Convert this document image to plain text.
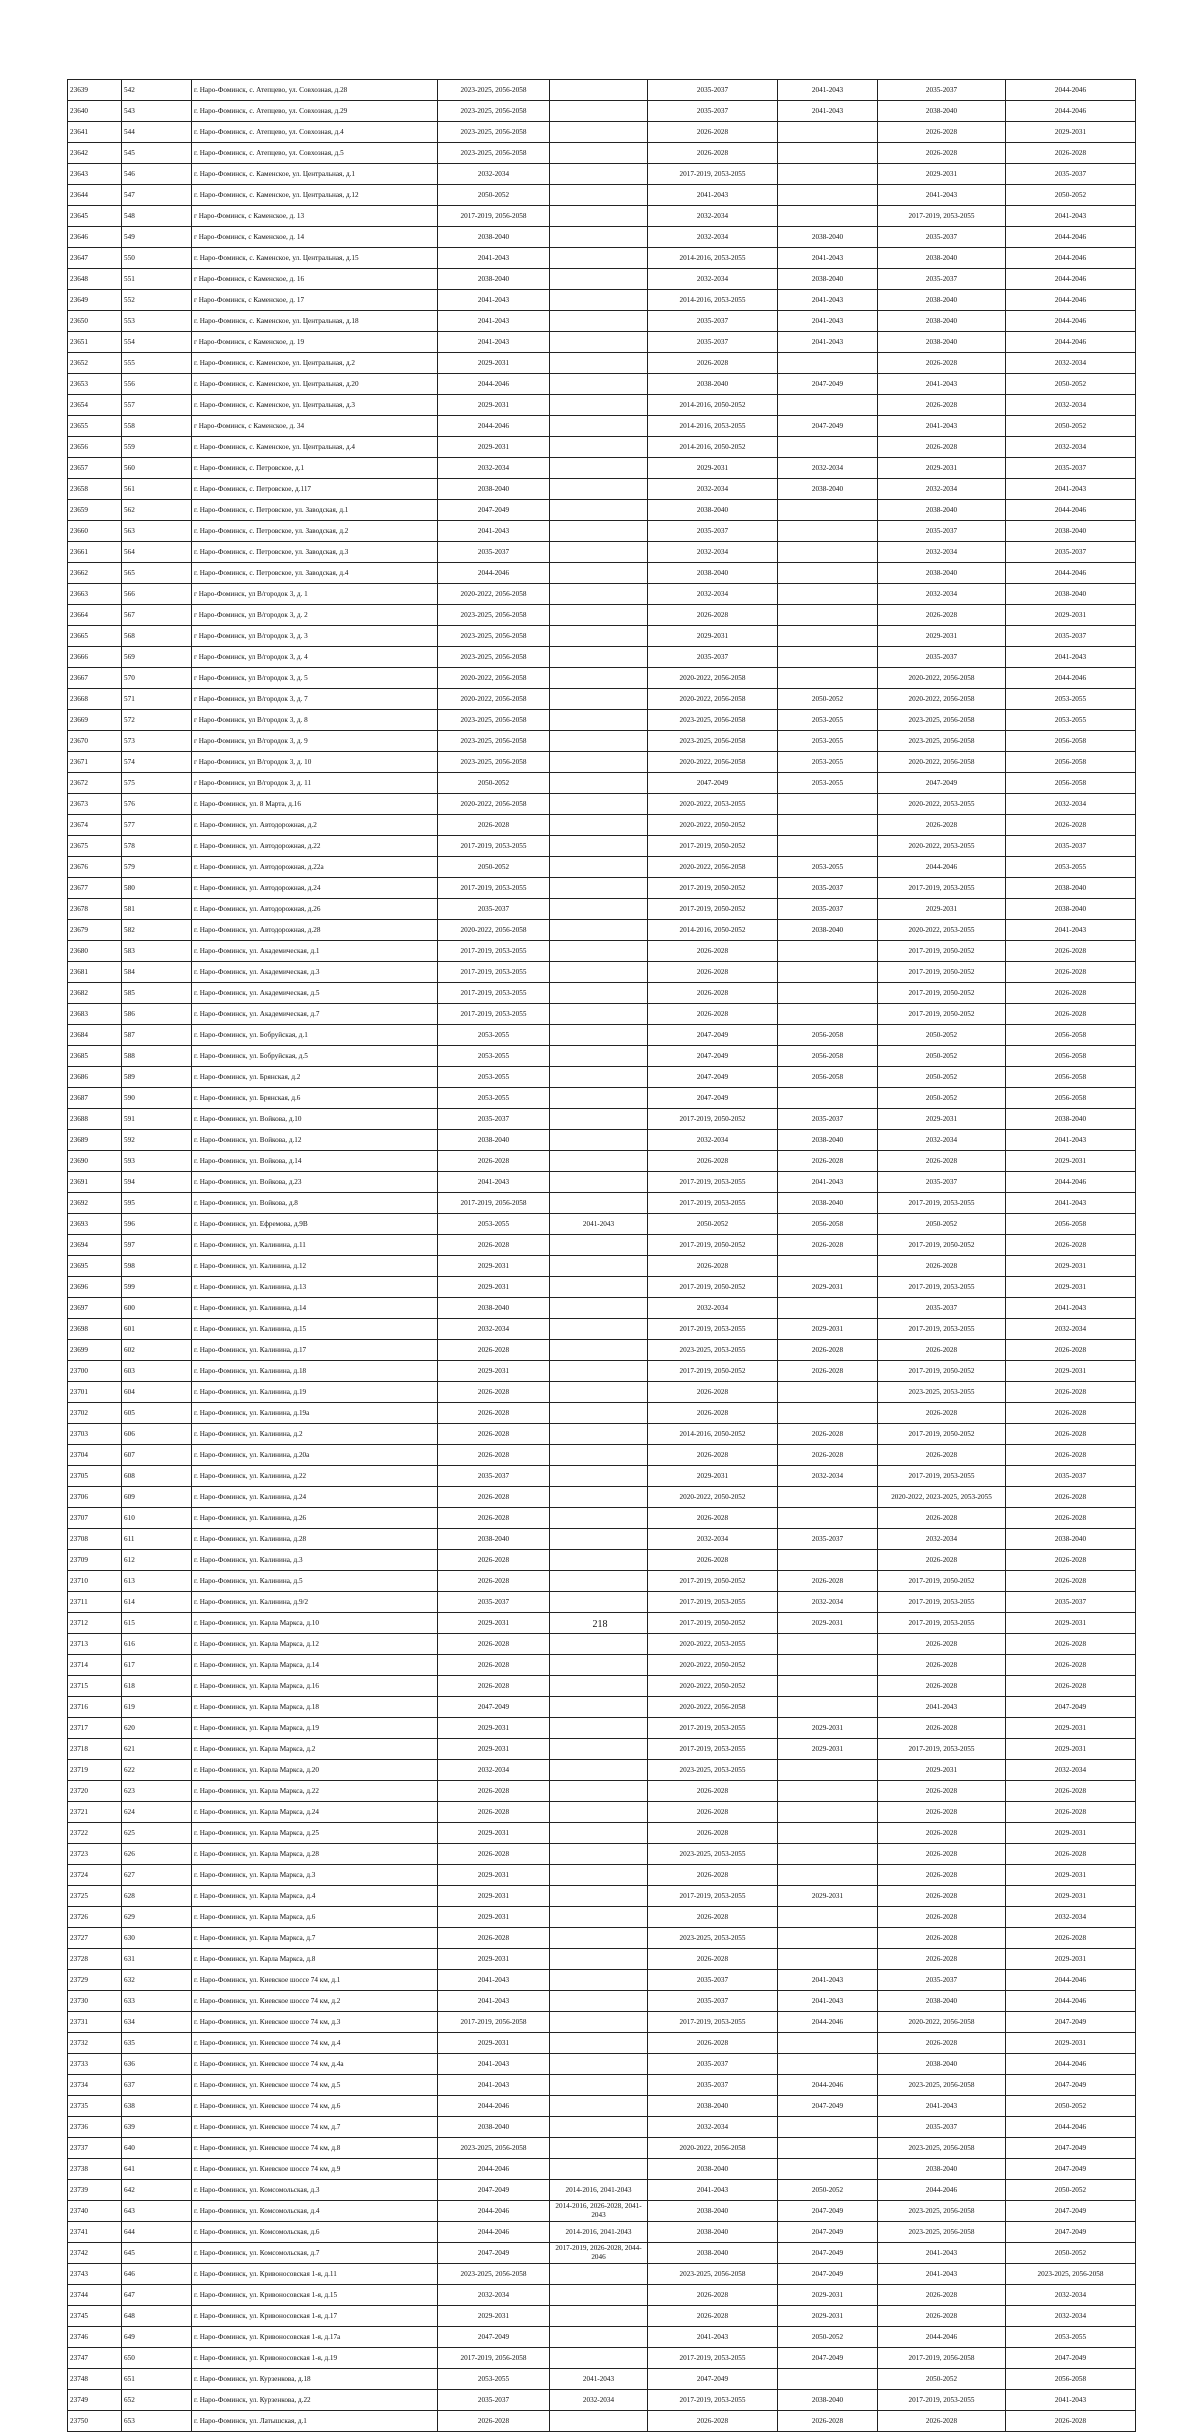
23639	542	г. Наро-Фоминск, с. Атепцево, ул. Совхозная, д.28	2023-2025, 2056-2058		2035-2037	2041-2043	2035-2037	2044-2046
23640	543	г. Наро-Фоминск, с. Атепцево, ул. Совхозная, д.29	2023-2025, 2056-2058		2035-2037	2041-2043	2038-2040	2044-2046
23641	544	г. Наро-Фоминск, с. Атепцево, ул. Совхозная, д.4	2023-2025, 2056-2058		2026-2028		2026-2028	2029-2031
23642	545	г. Наро-Фоминск, с. Атепцево, ул. Совхозная, д.5	2023-2025, 2056-2058		2026-2028		2026-2028	2026-2028
23643	546	г. Наро-Фоминск, с. Каменское, ул. Центральная, д.1	2032-2034		2017-2019, 2053-2055		2029-2031	2035-2037
23644	547	г. Наро-Фоминск, с. Каменское, ул. Центральная, д.12	2050-2052		2041-2043		2041-2043	2050-2052
23645	548	г Наро-Фоминск, с Каменское, д. 13	2017-2019, 2056-2058		2032-2034		2017-2019, 2053-2055	2041-2043
23646	549	г Наро-Фоминск, с Каменское, д. 14	2038-2040		2032-2034	2038-2040	2035-2037	2044-2046
23647	550	г. Наро-Фоминск, с. Каменское, ул. Центральная, д.15	2041-2043		2014-2016, 2053-2055	2041-2043	2038-2040	2044-2046
23648	551	г Наро-Фоминск, с Каменское, д. 16	2038-2040		2032-2034	2038-2040	2035-2037	2044-2046
23649	552	г Наро-Фоминск, с Каменское, д. 17	2041-2043		2014-2016, 2053-2055	2041-2043	2038-2040	2044-2046
23650	553	г. Наро-Фоминск, с. Каменское, ул. Центральная, д.18	2041-2043		2035-2037	2041-2043	2038-2040	2044-2046
23651	554	г Наро-Фоминск, с Каменское, д. 19	2041-2043		2035-2037	2041-2043	2038-2040	2044-2046
23652	555	г. Наро-Фоминск, с. Каменское, ул. Центральная, д.2	2029-2031		2026-2028		2026-2028	2032-2034
23653	556	г. Наро-Фоминск, с. Каменское, ул. Центральная, д.20	2044-2046		2038-2040	2047-2049	2041-2043	2050-2052
23654	557	г. Наро-Фоминск, с. Каменское, ул. Центральная, д.3	2029-2031		2014-2016, 2050-2052		2026-2028	2032-2034
23655	558	г Наро-Фоминск, с Каменское, д. 34	2044-2046		2014-2016, 2053-2055	2047-2049	2041-2043	2050-2052
23656	559	г. Наро-Фоминск, с. Каменское, ул. Центральная, д.4	2029-2031		2014-2016, 2050-2052		2026-2028	2032-2034
23657	560	г. Наро-Фоминск, с. Петровское, д.1	2032-2034		2029-2031	2032-2034	2029-2031	2035-2037
23658	561	г. Наро-Фоминск, с. Петровское, д.117	2038-2040		2032-2034	2038-2040	2032-2034	2041-2043
23659	562	г. Наро-Фоминск, с. Петровское, ул. Заводская, д.1	2047-2049		2038-2040		2038-2040	2044-2046
23660	563	г. Наро-Фоминск, с. Петровское, ул. Заводская, д.2	2041-2043		2035-2037		2035-2037	2038-2040
23661	564	г. Наро-Фоминск, с. Петровское, ул. Заводская, д.3	2035-2037		2032-2034		2032-2034	2035-2037
23662	565	г. Наро-Фоминск, с. Петровское, ул. Заводская, д.4	2044-2046		2038-2040		2038-2040	2044-2046
23663	566	г Наро-Фоминск, ул В/городок 3, д. 1	2020-2022, 2056-2058		2032-2034		2032-2034	2038-2040
23664	567	г Наро-Фоминск, ул В/городок 3, д. 2	2023-2025, 2056-2058		2026-2028		2026-2028	2029-2031
23665	568	г Наро-Фоминск, ул В/городок 3, д. 3	2023-2025, 2056-2058		2029-2031		2029-2031	2035-2037
23666	569	г Наро-Фоминск, ул В/городок 3, д. 4	2023-2025, 2056-2058		2035-2037		2035-2037	2041-2043
23667	570	г Наро-Фоминск, ул В/городок 3, д. 5	2020-2022, 2056-2058		2020-2022, 2056-2058		2020-2022, 2056-2058	2044-2046
23668	571	г Наро-Фоминск, ул В/городок 3, д. 7	2020-2022, 2056-2058		2020-2022, 2056-2058	2050-2052	2020-2022, 2056-2058	2053-2055
23669	572	г Наро-Фоминск, ул В/городок 3, д. 8	2023-2025, 2056-2058		2023-2025, 2056-2058	2053-2055	2023-2025, 2056-2058	2053-2055
23670	573	г Наро-Фоминск, ул В/городок 3, д. 9	2023-2025, 2056-2058		2023-2025, 2056-2058	2053-2055	2023-2025, 2056-2058	2056-2058
23671	574	г Наро-Фоминск, ул В/городок 3, д. 10	2023-2025, 2056-2058		2020-2022, 2056-2058	2053-2055	2020-2022, 2056-2058	2056-2058
23672	575	г Наро-Фоминск, ул В/городок 3, д. 11	2050-2052		2047-2049	2053-2055	2047-2049	2056-2058
23673	576	г. Наро-Фоминск, ул. 8 Марта, д.16	2020-2022, 2056-2058		2020-2022, 2053-2055		2020-2022, 2053-2055	2032-2034
23674	577	г. Наро-Фоминск, ул. Автодорожная, д.2	2026-2028		2020-2022, 2050-2052		2026-2028	2026-2028
23675	578	г. Наро-Фоминск, ул. Автодорожная, д.22	2017-2019, 2053-2055		2017-2019, 2050-2052		2020-2022, 2053-2055	2035-2037
23676	579	г. Наро-Фоминск, ул. Автодорожная, д.22а	2050-2052		2020-2022, 2056-2058	2053-2055	2044-2046	2053-2055
23677	580	г. Наро-Фоминск, ул. Автодорожная, д.24	2017-2019, 2053-2055		2017-2019, 2050-2052	2035-2037	2017-2019, 2053-2055	2038-2040
23678	581	г. Наро-Фоминск, ул. Автодорожная, д.26	2035-2037		2017-2019, 2050-2052	2035-2037	2029-2031	2038-2040
23679	582	г. Наро-Фоминск, ул. Автодорожная, д.28	2020-2022, 2056-2058		2014-2016, 2050-2052	2038-2040	2020-2022, 2053-2055	2041-2043
23680	583	г. Наро-Фоминск, ул. Академическая, д.1	2017-2019, 2053-2055		2026-2028		2017-2019, 2050-2052	2026-2028
23681	584	г. Наро-Фоминск, ул. Академическая, д.3	2017-2019, 2053-2055		2026-2028		2017-2019, 2050-2052	2026-2028
23682	585	г. Наро-Фоминск, ул. Академическая, д.5	2017-2019, 2053-2055		2026-2028		2017-2019, 2050-2052	2026-2028
23683	586	г. Наро-Фоминск, ул. Академическая, д.7	2017-2019, 2053-2055		2026-2028		2017-2019, 2050-2052	2026-2028
23684	587	г. Наро-Фоминск, ул. Бобруйская, д.1	2053-2055		2047-2049	2056-2058	2050-2052	2056-2058
23685	588	г. Наро-Фоминск, ул. Бобруйская, д.5	2053-2055		2047-2049	2056-2058	2050-2052	2056-2058
23686	589	г. Наро-Фоминск, ул. Брянская, д.2	2053-2055		2047-2049	2056-2058	2050-2052	2056-2058
23687	590	г. Наро-Фоминск, ул. Брянская, д.6	2053-2055		2047-2049		2050-2052	2056-2058
23688	591	г. Наро-Фоминск, ул. Войкова, д.10	2035-2037		2017-2019, 2050-2052	2035-2037	2029-2031	2038-2040
23689	592	г. Наро-Фоминск, ул. Войкова, д.12	2038-2040		2032-2034	2038-2040	2032-2034	2041-2043
23690	593	г. Наро-Фоминск, ул. Войкова, д.14	2026-2028		2026-2028	2026-2028	2026-2028	2029-2031
23691	594	г. Наро-Фоминск, ул. Войкова, д.23	2041-2043		2017-2019, 2053-2055	2041-2043	2035-2037	2044-2046
23692	595	г. Наро-Фоминск, ул. Войкова, д.8	2017-2019, 2056-2058		2017-2019, 2053-2055	2038-2040	2017-2019, 2053-2055	2041-2043
23693	596	г. Наро-Фоминск, ул. Ефремова, д.9В	2053-2055	2041-2043	2050-2052	2056-2058	2050-2052	2056-2058
23694	597	г. Наро-Фоминск, ул. Калинина, д.11	2026-2028		2017-2019, 2050-2052	2026-2028	2017-2019, 2050-2052	2026-2028
23695	598	г. Наро-Фоминск, ул. Калинина, д.12	2029-2031		2026-2028		2026-2028	2029-2031
23696	599	г. Наро-Фоминск, ул. Калинина, д.13	2029-2031		2017-2019, 2050-2052	2029-2031	2017-2019, 2053-2055	2029-2031
23697	600	г. Наро-Фоминск, ул. Калинина, д.14	2038-2040		2032-2034		2035-2037	2041-2043
23698	601	г. Наро-Фоминск, ул. Калинина, д.15	2032-2034		2017-2019, 2053-2055	2029-2031	2017-2019, 2053-2055	2032-2034
23699	602	г. Наро-Фоминск, ул. Калинина, д.17	2026-2028		2023-2025, 2053-2055	2026-2028	2026-2028	2026-2028
23700	603	г. Наро-Фоминск, ул. Калинина, д.18	2029-2031		2017-2019, 2050-2052	2026-2028	2017-2019, 2050-2052	2029-2031
23701	604	г. Наро-Фоминск, ул. Калинина, д.19	2026-2028		2026-2028		2023-2025, 2053-2055	2026-2028
23702	605	г. Наро-Фоминск, ул. Калинина, д.19а	2026-2028		2026-2028		2026-2028	2026-2028
23703	606	г. Наро-Фоминск, ул. Калинина, д.2	2026-2028		2014-2016, 2050-2052	2026-2028	2017-2019, 2050-2052	2026-2028
23704	607	г. Наро-Фоминск, ул. Калинина, д.20а	2026-2028		2026-2028	2026-2028	2026-2028	2026-2028
23705	608	г. Наро-Фоминск, ул. Калинина, д.22	2035-2037		2029-2031	2032-2034	2017-2019, 2053-2055	2035-2037
23706	609	г. Наро-Фоминск, ул. Калинина, д.24	2026-2028		2020-2022, 2050-2052		2020-2022, 2023-2025, 2053-2055	2026-2028
23707	610	г. Наро-Фоминск, ул. Калинина, д.26	2026-2028		2026-2028		2026-2028	2026-2028
23708	611	г. Наро-Фоминск, ул. Калинина, д.28	2038-2040		2032-2034	2035-2037	2032-2034	2038-2040
23709	612	г. Наро-Фоминск, ул. Калинина, д.3	2026-2028		2026-2028		2026-2028	2026-2028
23710	613	г. Наро-Фоминск, ул. Калинина, д.5	2026-2028		2017-2019, 2050-2052	2026-2028	2017-2019, 2050-2052	2026-2028
23711	614	г. Наро-Фоминск, ул. Калинина, д.9/2	2035-2037		2017-2019, 2053-2055	2032-2034	2017-2019, 2053-2055	2035-2037
23712	615	г. Наро-Фоминск, ул. Карла Маркса, д.10	2029-2031		2017-2019, 2050-2052	2029-2031	2017-2019, 2053-2055	2029-2031
23713	616	г. Наро-Фоминск, ул. Карла Маркса, д.12	2026-2028		2020-2022, 2053-2055		2026-2028	2026-2028
23714	617	г. Наро-Фоминск, ул. Карла Маркса, д.14	2026-2028		2020-2022, 2050-2052		2026-2028	2026-2028
23715	618	г. Наро-Фоминск, ул. Карла Маркса, д.16	2026-2028		2020-2022, 2050-2052		2026-2028	2026-2028
23716	619	г. Наро-Фоминск, ул. Карла Маркса, д.18	2047-2049		2020-2022, 2056-2058		2041-2043	2047-2049
23717	620	г. Наро-Фоминск, ул. Карла Маркса, д.19	2029-2031		2017-2019, 2053-2055	2029-2031	2026-2028	2029-2031
23718	621	г. Наро-Фоминск, ул. Карла Маркса, д.2	2029-2031		2017-2019, 2053-2055	2029-2031	2017-2019, 2053-2055	2029-2031
23719	622	г. Наро-Фоминск, ул. Карла Маркса, д.20	2032-2034		2023-2025, 2053-2055		2029-2031	2032-2034
23720	623	г. Наро-Фоминск, ул. Карла Маркса, д.22	2026-2028		2026-2028		2026-2028	2026-2028
23721	624	г. Наро-Фоминск, ул. Карла Маркса, д.24	2026-2028		2026-2028		2026-2028	2026-2028
23722	625	г. Наро-Фоминск, ул. Карла Маркса, д.25	2029-2031		2026-2028		2026-2028	2029-2031
23723	626	г. Наро-Фоминск, ул. Карла Маркса, д.28	2026-2028		2023-2025, 2053-2055		2026-2028	2026-2028
23724	627	г. Наро-Фоминск, ул. Карла Маркса, д.3	2029-2031		2026-2028		2026-2028	2029-2031
23725	628	г. Наро-Фоминск, ул. Карла Маркса, д.4	2029-2031		2017-2019, 2053-2055	2029-2031	2026-2028	2029-2031
23726	629	г. Наро-Фоминск, ул. Карла Маркса, д.6	2029-2031		2026-2028		2026-2028	2032-2034
23727	630	г. Наро-Фоминск, ул. Карла Маркса, д.7	2026-2028		2023-2025, 2053-2055		2026-2028	2026-2028
23728	631	г. Наро-Фоминск, ул. Карла Маркса, д.8	2029-2031		2026-2028		2026-2028	2029-2031
23729	632	г. Наро-Фоминск, ул. Киевское шоссе 74 км, д.1	2041-2043		2035-2037	2041-2043	2035-2037	2044-2046
23730	633	г. Наро-Фоминск, ул. Киевское шоссе 74 км, д.2	2041-2043		2035-2037	2041-2043	2038-2040	2044-2046
23731	634	г. Наро-Фоминск, ул. Киевское шоссе 74 км, д.3	2017-2019, 2056-2058		2017-2019, 2053-2055	2044-2046	2020-2022, 2056-2058	2047-2049
23732	635	г. Наро-Фоминск, ул. Киевское шоссе 74 км, д.4	2029-2031		2026-2028		2026-2028	2029-2031
23733	636	г. Наро-Фоминск, ул. Киевское шоссе 74 км, д.4а	2041-2043		2035-2037		2038-2040	2044-2046
23734	637	г. Наро-Фоминск, ул. Киевское шоссе 74 км, д.5	2041-2043		2035-2037	2044-2046	2023-2025, 2056-2058	2047-2049
23735	638	г. Наро-Фоминск, ул. Киевское шоссе 74 км, д.6	2044-2046		2038-2040	2047-2049	2041-2043	2050-2052
23736	639	г. Наро-Фоминск, ул. Киевское шоссе 74 км, д.7	2038-2040		2032-2034		2035-2037	2044-2046
23737	640	г. Наро-Фоминск, ул. Киевское шоссе 74 км, д.8	2023-2025, 2056-2058		2020-2022, 2056-2058		2023-2025, 2056-2058	2047-2049
23738	641	г. Наро-Фоминск, ул. Киевское шоссе 74 км, д.9	2044-2046		2038-2040		2038-2040	2047-2049
23739	642	г. Наро-Фоминск, ул. Комсомольская, д.3	2047-2049	2014-2016, 2041-2043	2041-2043	2050-2052	2044-2046	2050-2052
23740	643	г. Наро-Фоминск, ул. Комсомольская, д.4	2044-2046	2014-2016, 2026-2028, 2041-2043	2038-2040	2047-2049	2023-2025, 2056-2058	2047-2049
23741	644	г. Наро-Фоминск, ул. Комсомольская, д.6	2044-2046	2014-2016, 2041-2043	2038-2040	2047-2049	2023-2025, 2056-2058	2047-2049
23742	645	г. Наро-Фоминск, ул. Комсомольская, д.7	2047-2049	2017-2019, 2026-2028, 2044-2046	2038-2040	2047-2049	2041-2043	2050-2052
23743	646	г. Наро-Фоминск, ул. Кривоносовская 1-я, д.11	2023-2025, 2056-2058		2023-2025, 2056-2058	2047-2049	2041-2043	2023-2025, 2056-2058
23744	647	г. Наро-Фоминск, ул. Кривоносовская 1-я, д.15	2032-2034		2026-2028	2029-2031	2026-2028	2032-2034
23745	648	г. Наро-Фоминск, ул. Кривоносовская 1-я, д.17	2029-2031		2026-2028	2029-2031	2026-2028	2032-2034
23746	649	г. Наро-Фоминск, ул. Кривоносовская 1-я, д.17а	2047-2049		2041-2043	2050-2052	2044-2046	2053-2055
23747	650	г. Наро-Фоминск, ул. Кривоносовская 1-я, д.19	2017-2019, 2056-2058		2017-2019, 2053-2055	2047-2049	2017-2019, 2056-2058	2047-2049
23748	651	г. Наро-Фоминск, ул. Курзенкова, д.18	2053-2055	2041-2043	2047-2049		2050-2052	2056-2058
23749	652	г. Наро-Фоминск, ул. Курзенкова, д.22	2035-2037	2032-2034	2017-2019, 2053-2055	2038-2040	2017-2019, 2053-2055	2041-2043
23750	653	г. Наро-Фоминск, ул. Латышская, д.1	2026-2028		2026-2028	2026-2028	2026-2028	2026-2028
218
